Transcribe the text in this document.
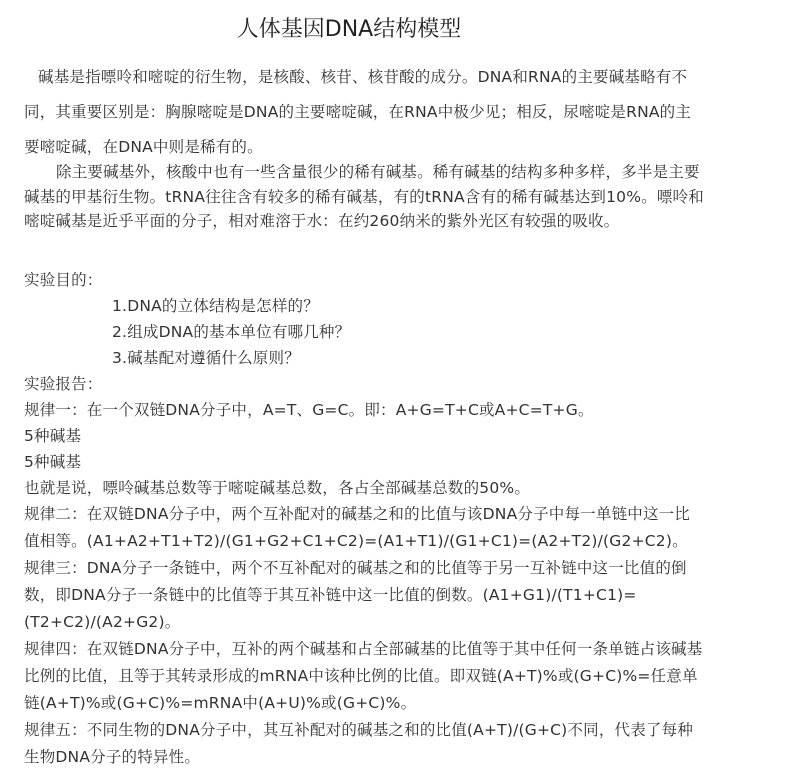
人体基因DNA结构模型
碱基是指嘌呤和嘧啶的衍生物，是核酸、核苷、核苷酸的成分。DNA和RNA的主要碱基略有不同，其重要区别是：胸腺嘧啶是DNA的主要嘧啶碱，在RNA中极少见；相反，尿嘧啶是RNA的主要嘧啶碱，在DNA中则是稀有的。
除主要碱基外，核酸中也有一些含量很少的稀有碱基。稀有碱基的结构多种多样，多半是主要碱基的甲基衍生物。tRNA往往含有较多的稀有碱基，有的tRNA含有的稀有碱基达到10%。嘌呤和嘧啶碱基是近乎平面的分子，相对难溶于水：在约260纳米的紫外光区有较强的吸收。
实验目的：
1.DNA的立体结构是怎样的？
2.组成DNA的基本单位有哪几种？
3.碱基配对遵循什么原则？
实验报告：
规律一：在一个双链DNA分子中，A=T、G=C。即：A+G=T+C或A+C=T+G。
5种碱基
5种碱基
也就是说，嘌呤碱基总数等于嘧啶碱基总数，各占全部碱基总数的50%。
规律二：在双链DNA分子中，两个互补配对的碱基之和的比值与该DNA分子中每一单链中这一比值相等。(A1+A2+T1+T2)/(G1+G2+C1+C2)=(A1+T1)/(G1+C1)=(A2+T2)/(G2+C2)。
规律三：DNA分子一条链中，两个不互补配对的碱基之和的比值等于另一互补链中这一比值的倒数，即DNA分子一条链中的比值等于其互补链中这一比值的倒数。(A1+G1)/(T1+C1)=(T2+C2)/(A2+G2)。
规律四：在双链DNA分子中，互补的两个碱基和占全部碱基的比值等于其中任何一条单链占该碱基比例的比值，且等于其转录形成的mRNA中该种比例的比值。即双链(A+T)%或(G+C)%=任意单链(A+T)%或(G+C)%=mRNA中(A+U)%或(G+C)%。
规律五：不同生物的DNA分子中，其互补配对的碱基之和的比值(A+T)/(G+C)不同，代表了每种生物DNA分子的特异性。
